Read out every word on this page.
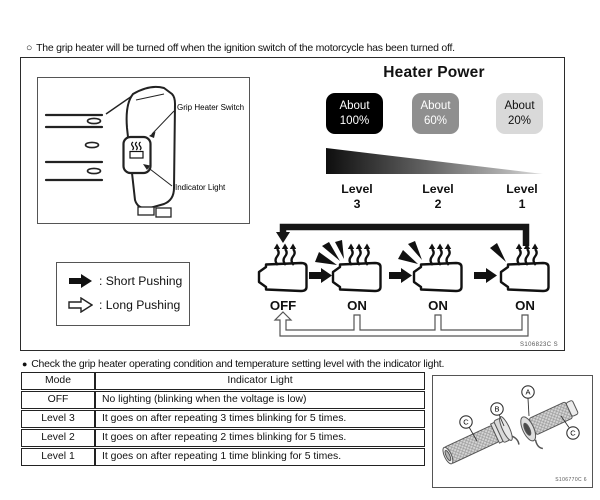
○ The grip heater will be turned off when the ignition switch of the motorcycle has been turned off.
Grip Heater Switch
Indicator Light
Heater Power
About
100%
About
60%
About
20%
Level
3
Level
2
Level
1
OFF	ON	ON	ON
S106823C S
: Short Pushing
: Long Pushing
● Check the grip heater operating condition and temperature setting level with the indicator light.
Mode	Indicator Light
OFF	No lighting (blinking when the voltage is low)
Level 3	It goes on after repeating 3 times blinking for 5 times.
Level 2	It goes on after repeating 2 times blinking for 5 times.
Level 1	It goes on after repeating 1 time blinking for 5 times.
A
B
C
C
S106770C 6
